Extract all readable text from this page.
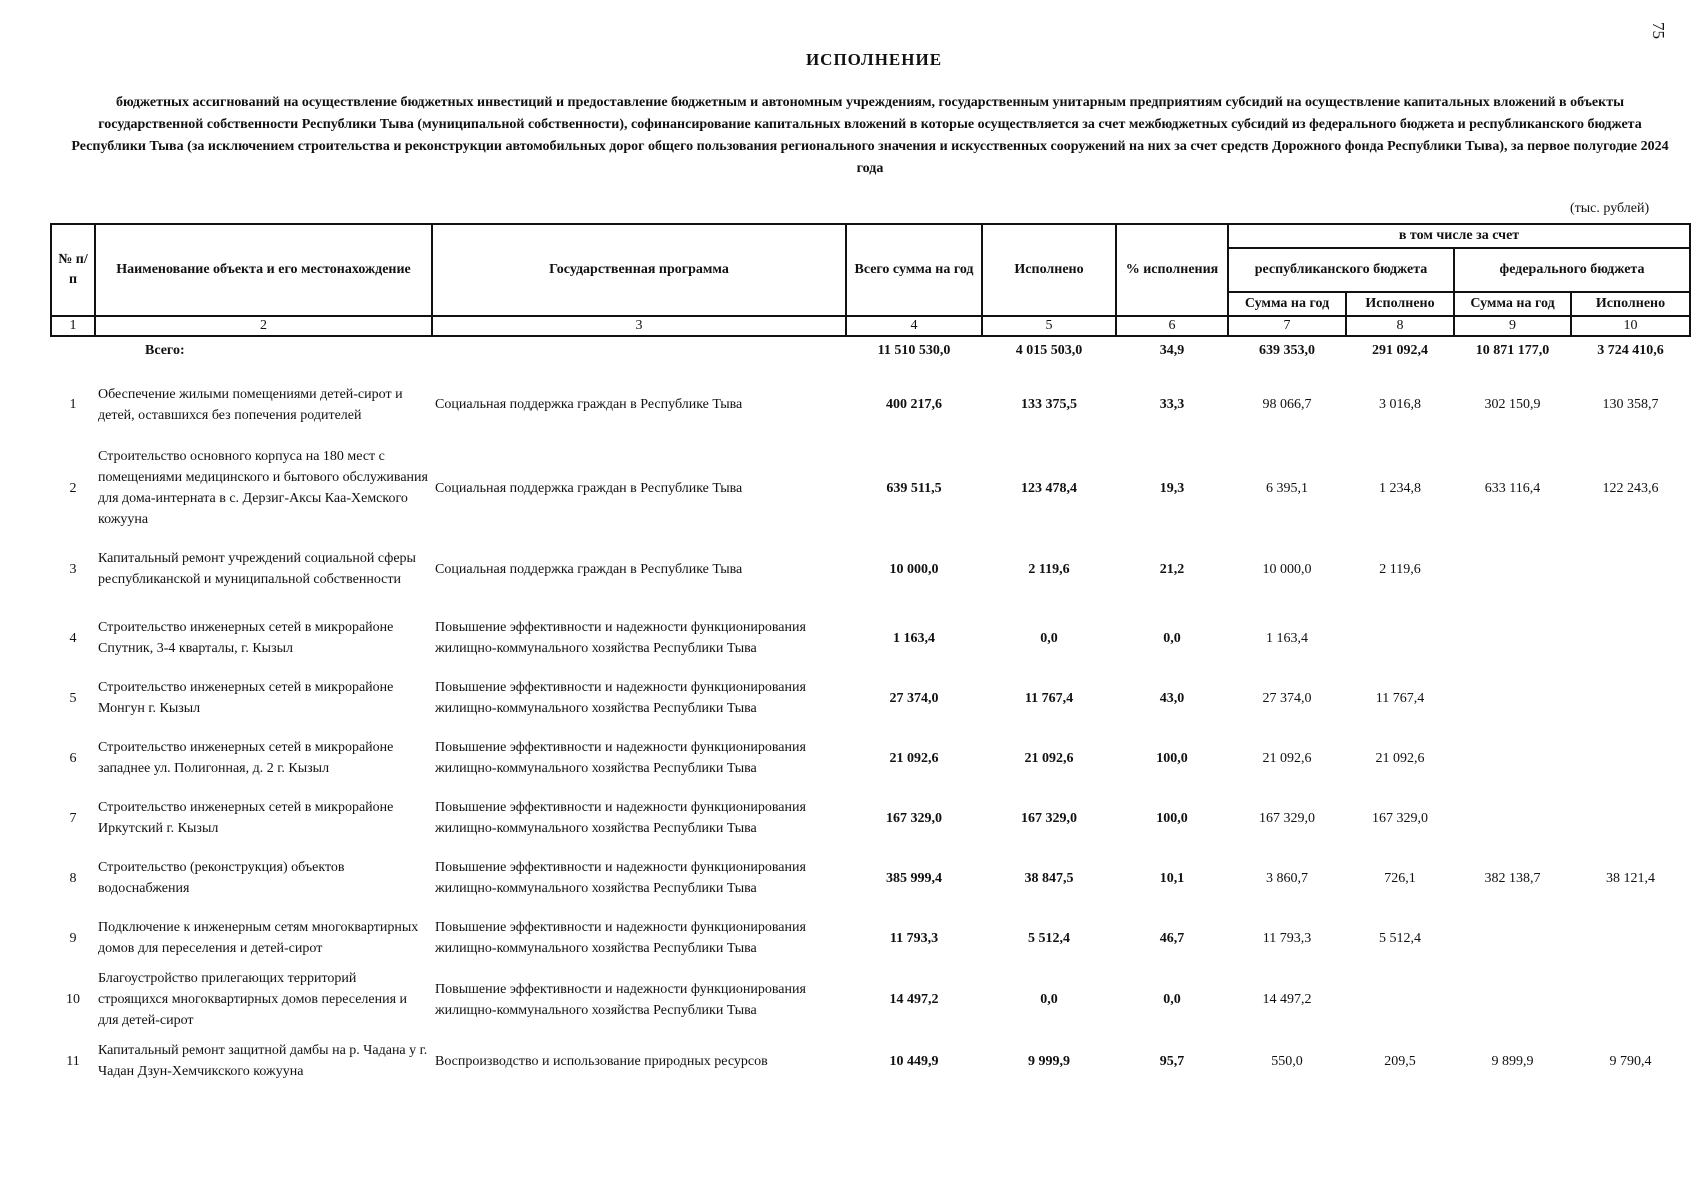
75
ИСПОЛНЕНИЕ
бюджетных ассигнований на осуществление бюджетных инвестиций и предоставление бюджетным и автономным учреждениям, государственным унитарным предприятиям субсидий на осуществление капитальных вложений в объекты государственной собственности Республики Тыва (муниципальной собственности), софинансирование капитальных вложений в которые осуществляется за счет межбюджетных субсидий из федерального бюджета и республиканского бюджета Республики Тыва (за исключением строительства и реконструкции автомобильных дорог общего пользования регионального значения и искусственных сооружений на них за счет средств Дорожного фонда Республики Тыва), за первое полугодие 2024 года
(тыс. рублей)
№ п/п	Наименование объекта и его местонахождение	Государственная программа	Всего сумма на год	Исполнено	% исполнения	в том числе за счет			
						республиканского бюджета		федерального бюджета	
						Сумма на год	Исполнено	Сумма на год	Исполнено
1	2	3	4	5	6	7	8	9	10
	Всего:		11 510 530,0	4 015 503,0	34,9	639 353,0	291 092,4	10 871 177,0	3 724 410,6
1	Обеспечение жилыми помещениями детей-сирот и детей, оставшихся без попечения родителей	Социальная поддержка граждан в Республике Тыва	400 217,6	133 375,5	33,3	98 066,7	3 016,8	302 150,9	130 358,7
2	Строительство основного корпуса на 180 мест с помещениями медицинского и бытового обслуживания для дома-интерната в с. Дерзиг-Аксы Каа-Хемского кожууна	Социальная поддержка граждан в Республике Тыва	639 511,5	123 478,4	19,3	6 395,1	1 234,8	633 116,4	122 243,6
3	Капитальный ремонт учреждений социальной сферы республиканской и муниципальной собственности	Социальная поддержка граждан в Республике Тыва	10 000,0	2 119,6	21,2	10 000,0	2 119,6		
4	Строительство инженерных сетей в микрорайоне Спутник, 3-4 кварталы, г. Кызыл	Повышение эффективности и надежности функционирования жилищно-коммунального хозяйства Республики Тыва	1 163,4	0,0	0,0	1 163,4			
5	Строительство инженерных сетей в микрорайоне Монгун г. Кызыл	Повышение эффективности и надежности функционирования жилищно-коммунального хозяйства Республики Тыва	27 374,0	11 767,4	43,0	27 374,0	11 767,4		
6	Строительство инженерных сетей в микрорайоне западнее ул. Полигонная, д. 2 г. Кызыл	Повышение эффективности и надежности функционирования жилищно-коммунального хозяйства Республики Тыва	21 092,6	21 092,6	100,0	21 092,6	21 092,6		
7	Строительство инженерных сетей в микрорайоне Иркутский г. Кызыл	Повышение эффективности и надежности функционирования жилищно-коммунального хозяйства Республики Тыва	167 329,0	167 329,0	100,0	167 329,0	167 329,0		
8	Строительство (реконструкция) объектов водоснабжения	Повышение эффективности и надежности функционирования жилищно-коммунального хозяйства Республики Тыва	385 999,4	38 847,5	10,1	3 860,7	726,1	382 138,7	38 121,4
9	Подключение к инженерным сетям многоквартирных домов для переселения и детей-сирот	Повышение эффективности и надежности функционирования жилищно-коммунального хозяйства Республики Тыва	11 793,3	5 512,4	46,7	11 793,3	5 512,4		
10	Благоустройство прилегающих территорий строящихся многоквартирных домов переселения и для детей-сирот	Повышение эффективности и надежности функционирования жилищно-коммунального хозяйства Республики Тыва	14 497,2	0,0	0,0	14 497,2			
11	Капитальный ремонт защитной дамбы на р. Чадана у г. Чадан Дзун-Хемчикского кожууна	Воспроизводство и использование природных ресурсов	10 449,9	9 999,9	95,7	550,0	209,5	9 899,9	9 790,4
